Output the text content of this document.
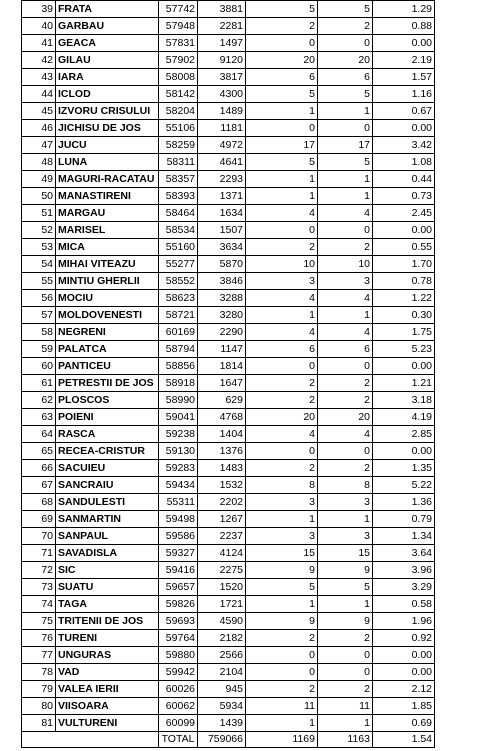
39	FRATA	57742	3881	5	5	1.29
40	GARBAU	57948	2281	2	2	0.88
41	GEACA	57831	1497	0	0	0.00
42	GILAU	57902	9120	20	20	2.19
43	IARA	58008	3817	6	6	1.57
44	ICLOD	58142	4300	5	5	1.16
45	IZVORU CRISULUI	58204	1489	1	1	0.67
46	JICHISU DE JOS	55106	1181	0	0	0.00
47	JUCU	58259	4972	17	17	3.42
48	LUNA	58311	4641	5	5	1.08
49	MAGURI-RACATAU	58357	2293	1	1	0.44
50	MANASTIRENI	58393	1371	1	1	0.73
51	MARGAU	58464	1634	4	4	2.45
52	MARISEL	58534	1507	0	0	0.00
53	MICA	55160	3634	2	2	0.55
54	MIHAI VITEAZU	55277	5870	10	10	1.70
55	MINTIU GHERLII	58552	3846	3	3	0.78
56	MOCIU	58623	3288	4	4	1.22
57	MOLDOVENESTI	58721	3280	1	1	0.30
58	NEGRENI	60169	2290	4	4	1.75
59	PALATCA	58794	1147	6	6	5.23
60	PANTICEU	58856	1814	0	0	0.00
61	PETRESTII DE JOS	58918	1647	2	2	1.21
62	PLOSCOS	58990	629	2	2	3.18
63	POIENI	59041	4768	20	20	4.19
64	RASCA	59238	1404	4	4	2.85
65	RECEA-CRISTUR	59130	1376	0	0	0.00
66	SACUIEU	59283	1483	2	2	1.35
67	SANCRAIU	59434	1532	8	8	5.22
68	SANDULESTI	55311	2202	3	3	1.36
69	SANMARTIN	59498	1267	1	1	0.79
70	SANPAUL	59586	2237	3	3	1.34
71	SAVADISLA	59327	4124	15	15	3.64
72	SIC	59416	2275	9	9	3.96
73	SUATU	59657	1520	5	5	3.29
74	TAGA	59826	1721	1	1	0.58
75	TRITENII DE JOS	59693	4590	9	9	1.96
76	TURENI	59764	2182	2	2	0.92
77	UNGURAS	59880	2566	0	0	0.00
78	VAD	59942	2104	0	0	0.00
79	VALEA IERII	60026	945	2	2	2.12
80	VIISOARA	60062	5934	11	11	1.85
81	VULTURENI	60099	1439	1	1	0.69
		TOTAL	759066	1169	1163	1.54
